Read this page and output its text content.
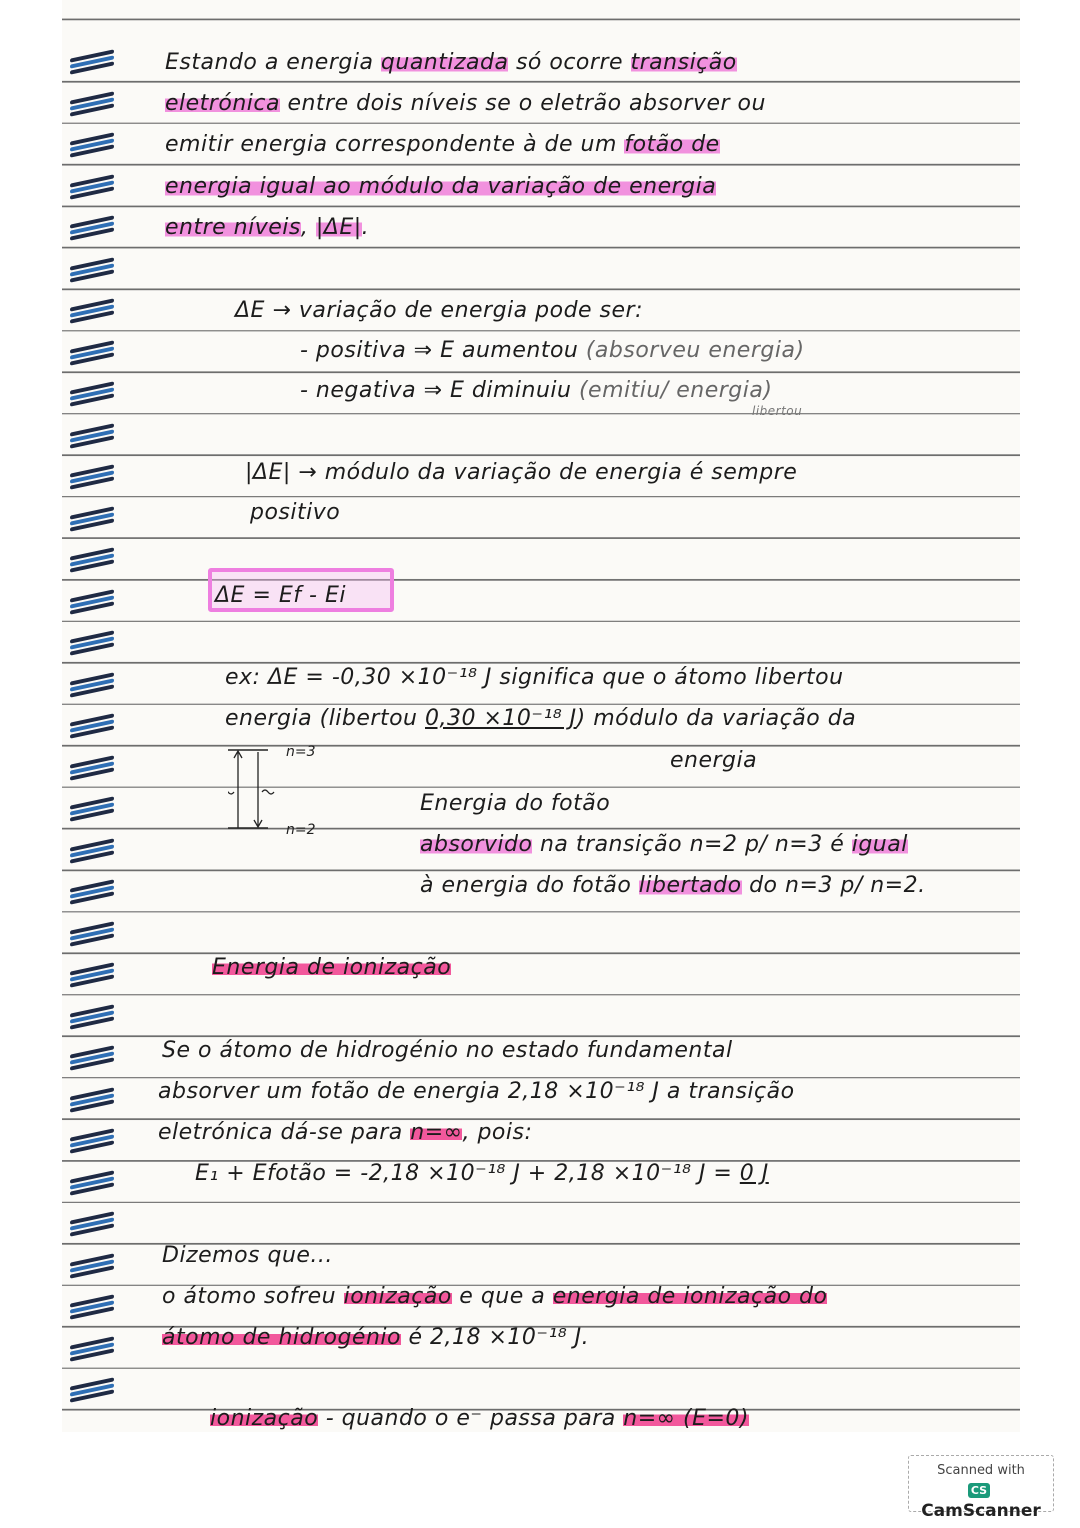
Estando a energia quantizada só ocorre transição
eletrónica entre dois níveis se o eletrão absorver ou
emitir energia correspondente à de um fotão de
energia igual ao módulo da variação de energia
entre níveis, |ΔE|.
ΔE → variação de energia pode ser:
- positiva ⇒ E aumentou (absorveu energia)
- negativa ⇒ E diminuiu (emitiu/ energia)
|ΔE| → módulo da variação de energia é sempre
positivo
ΔE = Ef - Ei
ex: ΔE = -0,30 ×10⁻¹⁸ J significa que o átomo libertou
energia (libertou 0,30 ×10⁻¹⁸ J) módulo da variação da
energia
Energia do fotão
absorvido na transição n=2 p/ n=3 é igual
à energia do fotão libertado do n=3 p/ n=2.
Energia de ionização
Se o átomo de hidrogénio no estado fundamental
absorver um fotão de energia 2,18 ×10⁻¹⁸ J a transição
eletrónica dá-se para n=∞, pois:
E₁ + Efotão = -2,18 ×10⁻¹⁸ J + 2,18 ×10⁻¹⁸ J = 0 J
Dizemos que...
o átomo sofreu ionização e que a energia de ionização do
átomo de hidrogénio é 2,18 ×10⁻¹⁸ J.
ionização - quando o e⁻ passa para n=∞ (E=0)
libertou
n=3
n=2
Scanned with
CSCamScanner
